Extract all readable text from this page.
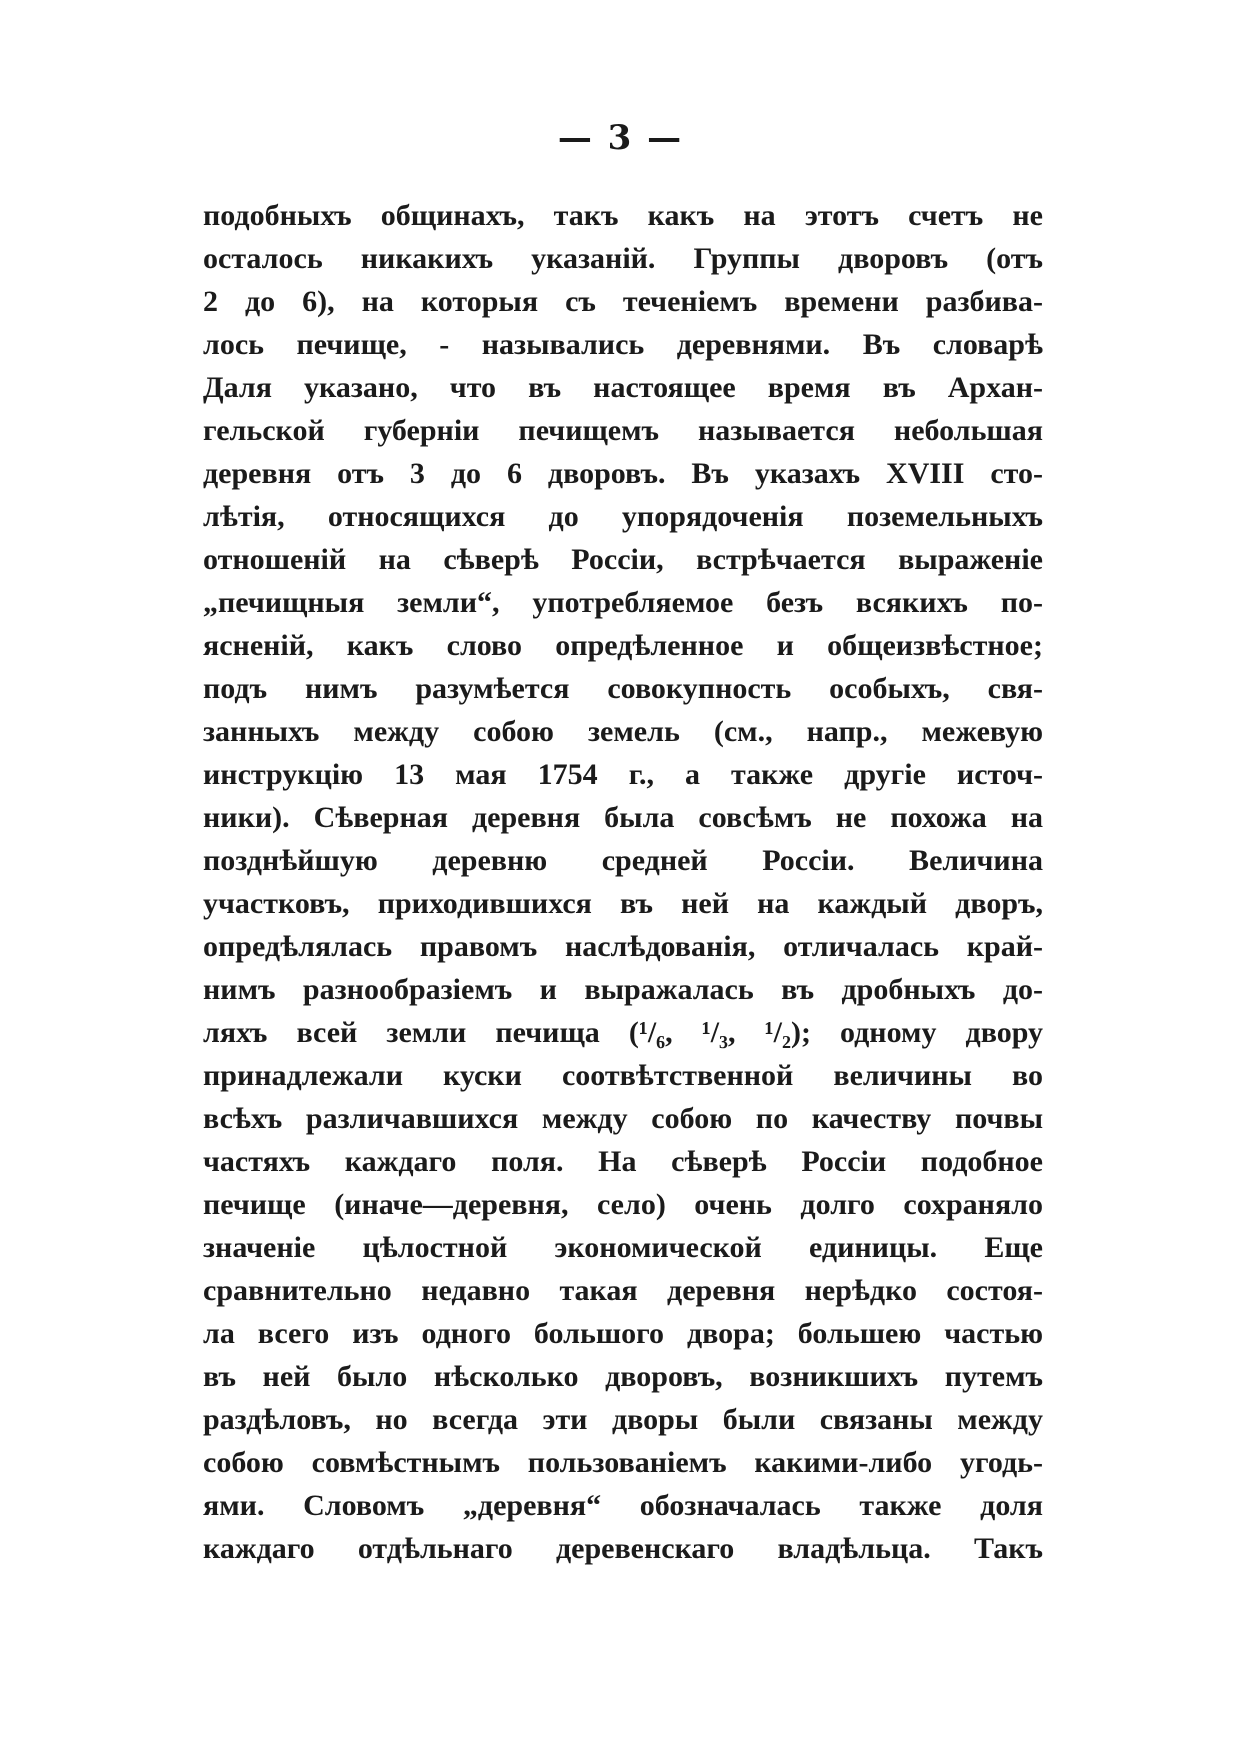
— 3 —
подобныхъ общинахъ, такъ какъ на этотъ счетъ не
осталось никакихъ указаній. Группы дворовъ (отъ
2 до 6), на которыя съ теченіемъ времени разбива-
лось печище, - назывались деревнями. Въ словарѣ
Даля указано, что въ настоящее время въ Архан-
гельской губерніи печищемъ называется небольшая
деревня отъ 3 до 6 дворовъ. Въ указахъ XVIII сто-
лѣтія, относящихся до упорядоченія поземельныхъ
отношеній на сѣверѣ Россіи, встрѣчается выраженіе
„печищныя земли“, употребляемое безъ всякихъ по-
ясненій, какъ слово опредѣленное и общеизвѣстное;
подъ нимъ разумѣется совокупность особыхъ, свя-
занныхъ между собою земель (см., напр., межевую
инструкцію 13 мая 1754 г., а также другіе источ-
ники). Сѣверная деревня была совсѣмъ не похожа на
позднѣйшую деревню средней Россіи. Величина
участковъ, приходившихся въ ней на каждый дворъ,
опредѣлялась правомъ наслѣдованія, отличалась край-
нимъ разнообразіемъ и выражалась въ дробныхъ до-
ляхъ всей земли печища (¹/₆, ¹/₃, ¹/₂); одному двору
принадлежали куски соотвѣтственной величины во
всѣхъ различавшихся между собою по качеству почвы
частяхъ каждаго поля. На сѣверѣ Россіи подобное
печище (иначе—деревня, село) очень долго сохраняло
значеніе цѣлостной экономической единицы. Еще
сравнительно недавно такая деревня нерѣдко состоя-
ла всего изъ одного большого двора; большею частью
въ ней было нѣсколько дворовъ, возникшихъ путемъ
раздѣловъ, но всегда эти дворы были связаны между
собою совмѣстнымъ пользованіемъ какими-либо угодь-
ями. Словомъ „деревня“ обозначалась также доля
каждаго отдѣльнаго деревенскаго владѣльца. Такъ
